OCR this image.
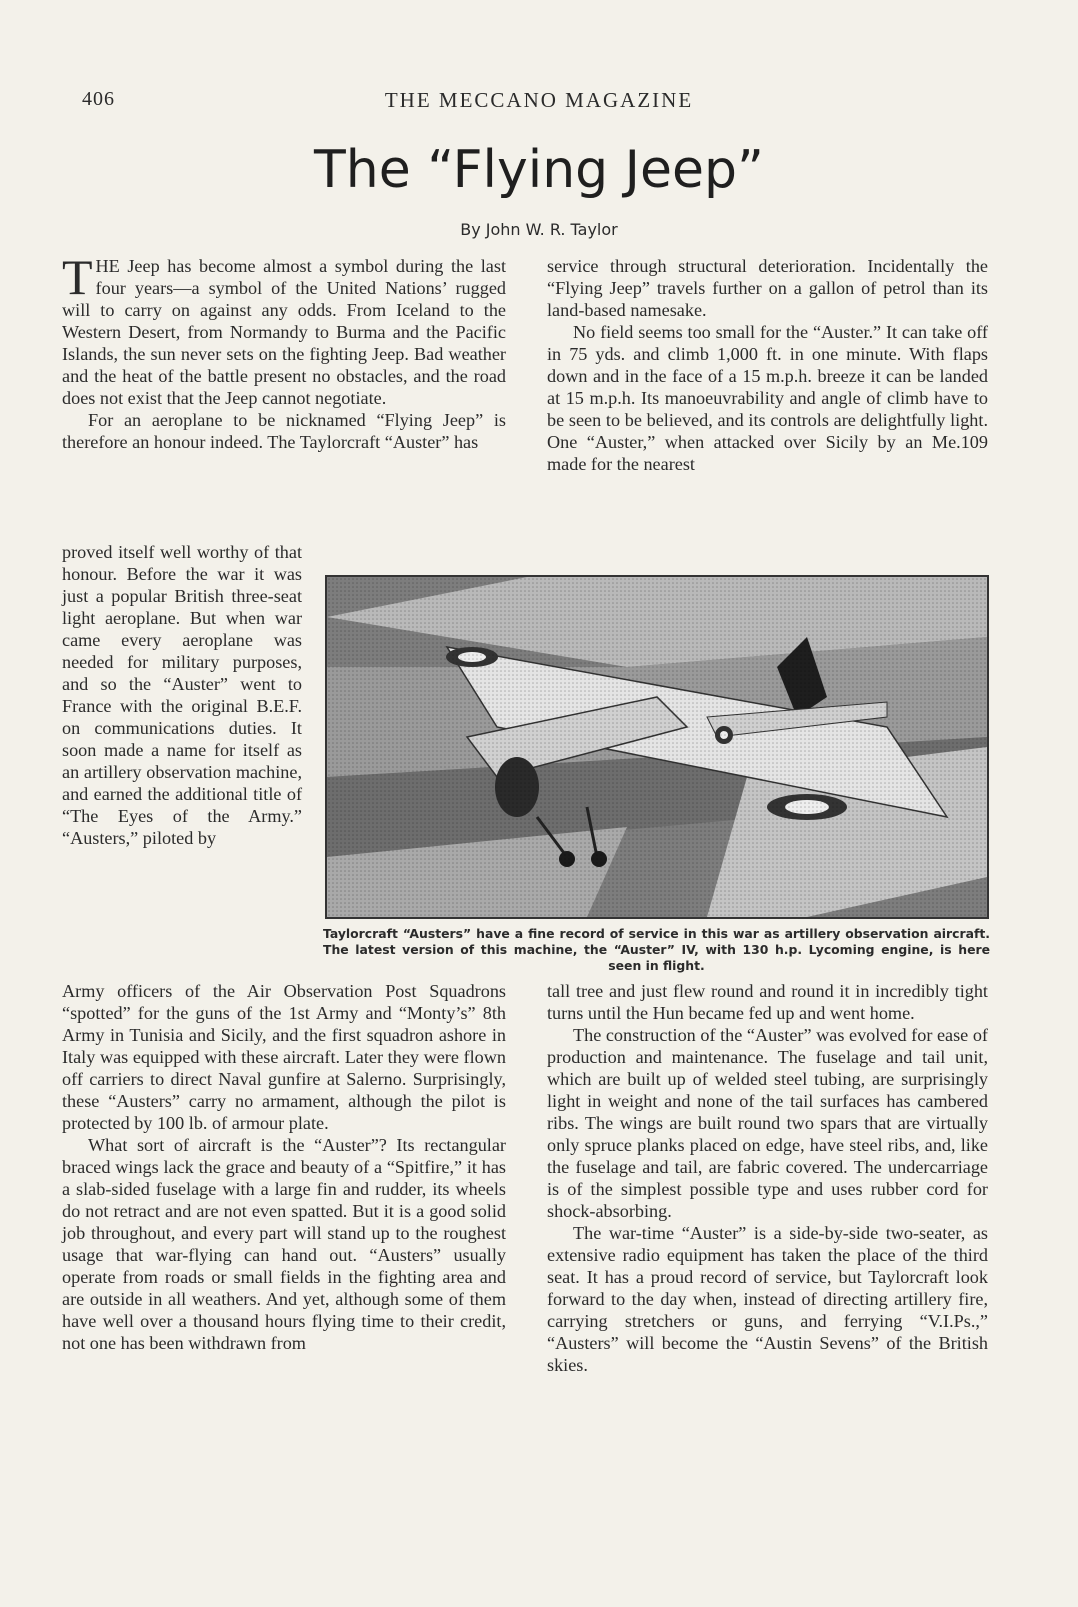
406	THE MECCANO MAGAZINE
The “Flying Jeep”
By John W. R. Taylor

THE Jeep has become almost a symbol during the last four years—a symbol of the United Nations’ rugged will to carry on against any odds. From Iceland to the Western Desert, from Normandy to Burma and the Pacific Islands, the sun never sets on the fighting Jeep. Bad weather and the heat of the battle present no obstacles, and the road does not exist that the Jeep cannot negotiate.

For an aeroplane to be nicknamed “Flying Jeep” is therefore an honour indeed. The Taylorcraft “Auster” has

proved itself well worthy of that honour. Before the war it was just a popular British three-seat light aeroplane. But when war came every aeroplane was needed for military purposes, and so the “Auster” went to France with the original B.E.F. on communications duties. It soon made a name for itself as an artillery observation machine, and earned the additional title of “The Eyes of the Army.” “Austers,” piloted by

Army officers of the Air Observation Post Squadrons “spotted” for the guns of the 1st Army and “Monty’s” 8th Army in Tunisia and Sicily, and the first squadron ashore in Italy was equipped with these aircraft. Later they were flown off carriers to direct Naval gunfire at Salerno. Surprisingly, these “Austers” carry no armament, although the pilot is protected by 100 lb. of armour plate.

What sort of aircraft is the “Auster”? Its rectangular braced wings lack the grace and beauty of a “Spitfire,” it has a slab-sided fuselage with a large fin and rudder, its wheels do not retract and are not even spatted. But it is a good solid job throughout, and every part will stand up to the roughest usage that war-flying can hand out. “Austers” usually operate from roads or small fields in the fighting area and are outside in all weathers. And yet, although some of them have well over a thousand hours flying time to their credit, not one has been withdrawn from

service through structural deterioration. Incidentally the “Flying Jeep” travels further on a gallon of petrol than its land-based namesake.

No field seems too small for the “Auster.” It can take off in 75 yds. and climb 1,000 ft. in one minute. With flaps down and in the face of a 15 m.p.h. breeze it can be landed at 15 m.p.h. Its manoeuvrability and angle of climb have to be seen to be believed, and its controls are delightfully light. One “Auster,” when attacked over Sicily by an Me.109 made for the nearest

Taylorcraft “Austers” have a fine record of service in this war as artillery observation aircraft. The latest version of this machine, the “Auster” IV, with 130 h.p. Lycoming engine, is here seen in flight.

tall tree and just flew round and round it in incredibly tight turns until the Hun became fed up and went home.

The construction of the “Auster” was evolved for ease of production and maintenance. The fuselage and tail unit, which are built up of welded steel tubing, are surprisingly light in weight and none of the tail surfaces has cambered ribs. The wings are built round two spars that are virtually only spruce planks placed on edge, have steel ribs, and, like the fuselage and tail, are fabric covered. The undercarriage is of the simplest possible type and uses rubber cord for shock-absorbing.

The war-time “Auster” is a side-by-side two-seater, as extensive radio equipment has taken the place of the third seat. It has a proud record of service, but Taylorcraft look forward to the day when, instead of directing artillery fire, carrying stretchers or guns, and ferrying “V.I.Ps.,” “Austers” will become the “Austin Sevens” of the British skies.
